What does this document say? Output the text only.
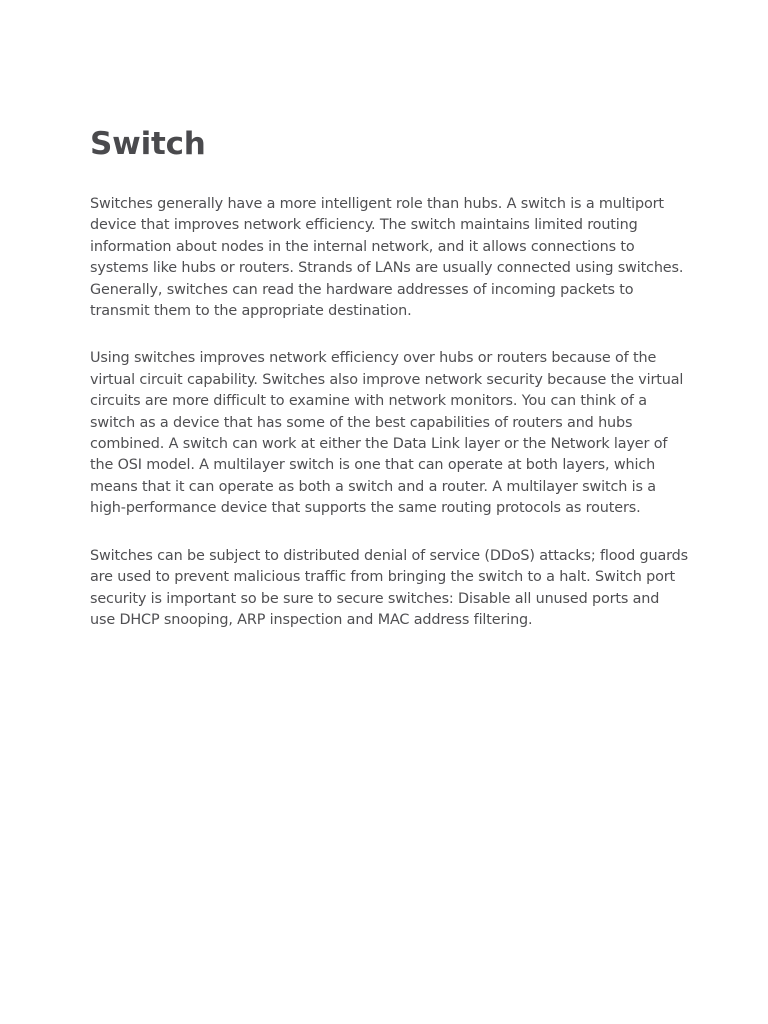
Switch

Switches generally have a more intelligent role than hubs. A switch is a multiport device that improves network efficiency. The switch maintains limited routing information about nodes in the internal network, and it allows connections to systems like hubs or routers. Strands of LANs are usually connected using switches. Generally, switches can read the hardware addresses of incoming packets to transmit them to the appropriate destination.

Using switches improves network efficiency over hubs or routers because of the virtual circuit capability. Switches also improve network security because the virtual circuits are more difficult to examine with network monitors. You can think of a switch as a device that has some of the best capabilities of routers and hubs combined. A switch can work at either the Data Link layer or the Network layer of the OSI model. A multilayer switch is one that can operate at both layers, which means that it can operate as both a switch and a router. A multilayer switch is a high-performance device that supports the same routing protocols as routers.

Switches can be subject to distributed denial of service (DDoS) attacks; flood guards are used to prevent malicious traffic from bringing the switch to a halt. Switch port security is important so be sure to secure switches: Disable all unused ports and use DHCP snooping, ARP inspection and MAC address filtering.
